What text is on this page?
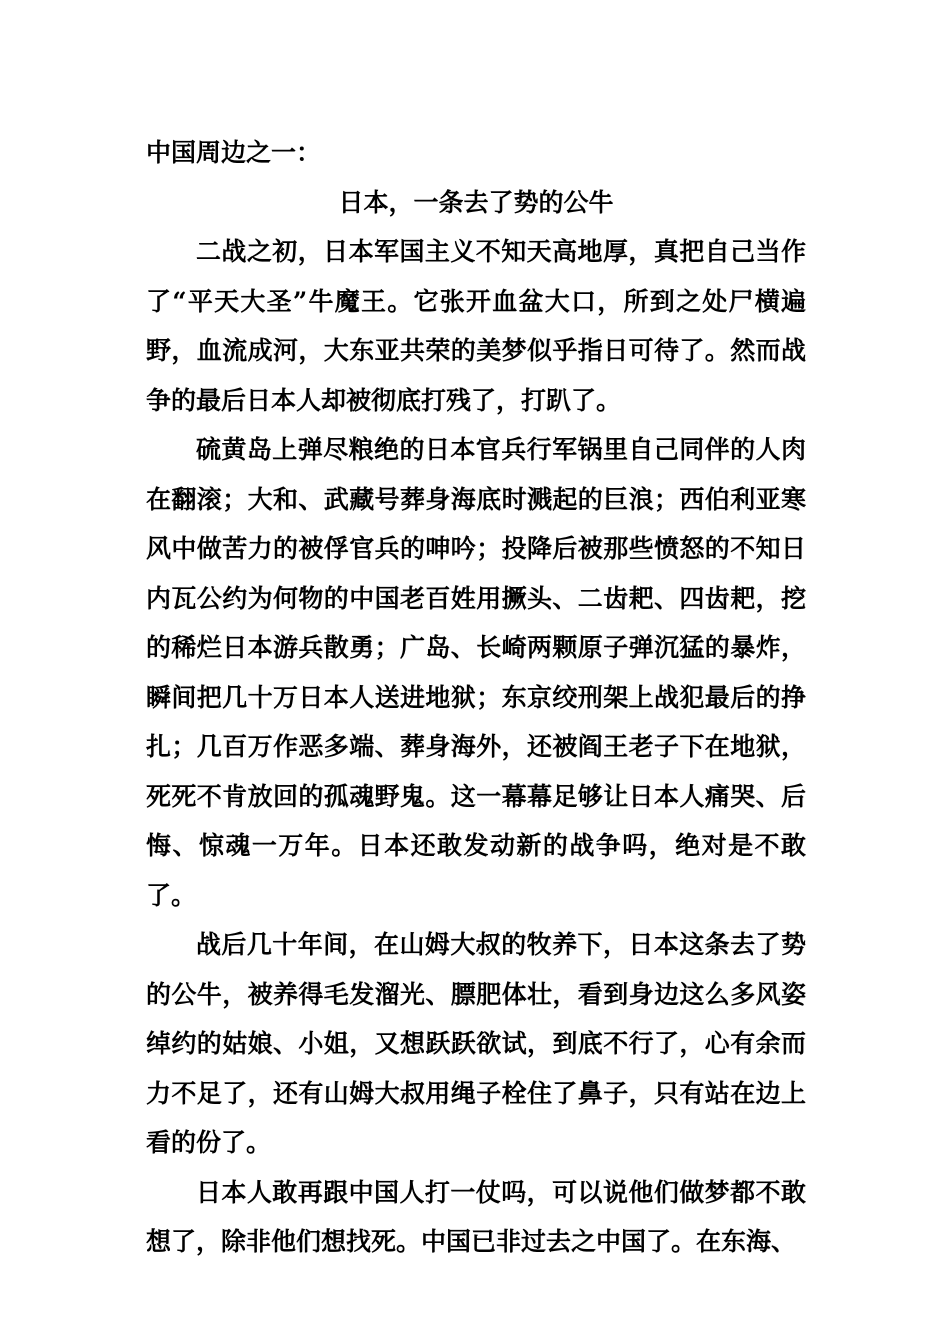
中国周边之一：

日本，一条去了势的公牛

二战之初，日本军国主义不知天高地厚，真把自己当作了“平天大圣”牛魔王。它张开血盆大口，所到之处尸横遍野，血流成河，大东亚共荣的美梦似乎指日可待了。然而战争的最后日本人却被彻底打残了，打趴了。

硫黄岛上弹尽粮绝的日本官兵行军锅里自己同伴的人肉在翻滚；大和、武藏号葬身海底时溅起的巨浪；西伯利亚寒风中做苦力的被俘官兵的呻吟；投降后被那些愤怒的不知日内瓦公约为何物的中国老百姓用撅头、二齿耙、四齿耙，挖的稀烂日本游兵散勇；广岛、长崎两颗原子弹沉猛的暴炸，瞬间把几十万日本人送进地狱；东京绞刑架上战犯最后的挣扎；几百万作恶多端、葬身海外，还被阎王老子下在地狱，死死不肯放回的孤魂野鬼。这一幕幕足够让日本人痛哭、后悔、惊魂一万年。日本还敢发动新的战争吗，绝对是不敢了。

战后几十年间，在山姆大叔的牧养下，日本这条去了势的公牛，被养得毛发溜光、膘肥体壮，看到身边这么多风姿绰约的姑娘、小姐，又想跃跃欲试，到底不行了，心有余而力不足了，还有山姆大叔用绳子栓住了鼻子，只有站在边上看的份了。

日本人敢再跟中国人打一仗吗，可以说他们做梦都不敢想了，除非他们想找死。中国已非过去之中国了。在东海、
